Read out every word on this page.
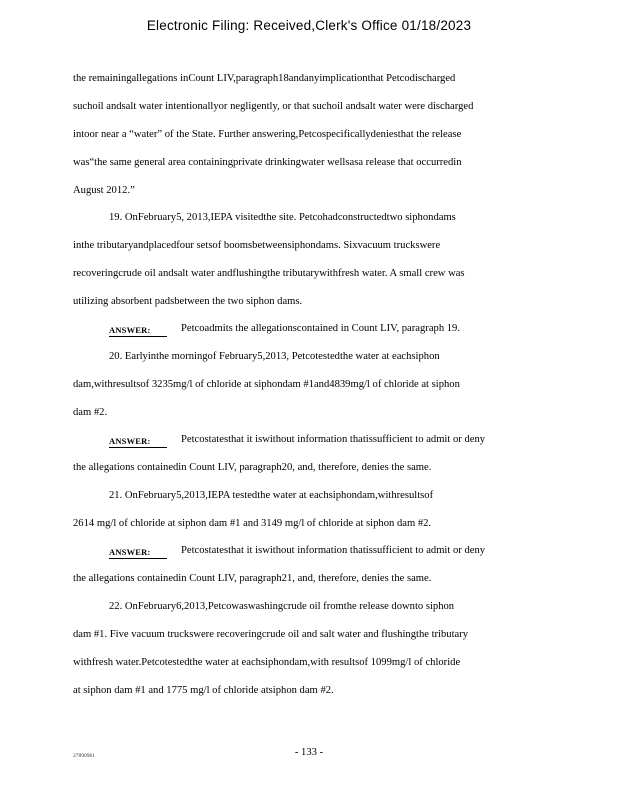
Electronic Filing: Received,Clerk's Office 01/18/2023
the remainingallegations inCount LIV,paragraph18andanyimplicationthat Petcodischarged
suchoil andsalt water intentionallyor negligently, or that suchoil andsalt water were discharged
intoor near a “water” of the State. Further answering,Petcospecificallydeniesthat the release
was“the same general area containingprivate drinkingwater wellsasa release that occurredin
August 2012.”
19. OnFebruary5, 2013,IEPA visitedthe site. Petcohadconstructedtwo siphondams
inthe tributaryandplacedfour setsof boomsbetweensiphondams. Sixvacuum truckswere
recoveringcrude oil andsalt water andflushingthe tributarywithfresh water. A small crew was
utilizing absorbent padsbetween the two siphon dams.
ANSWER:	Petcoadmits the allegationscontained in Count LIV, paragraph 19.
20. Earlyinthe morningof February5,2013, Petcotestedthe water at eachsiphon
dam,withresultsof 3235mg/l of chloride at siphondam #1and4839mg/l of chloride at siphon
dam #2.
ANSWER:	Petcostatesthat it iswithout information thatissufficient to admit or deny
the allegations containedin Count LIV, paragraph20, and, therefore, denies the same.
21. OnFebruary5,2013,IEPA testedthe water at eachsiphondam,withresultsof
2614 mg/l of chloride at siphon dam #1 and 3149 mg/l of chloride at siphon dam #2.
ANSWER:	Petcostatesthat it iswithout information thatissufficient to admit or deny
the allegations containedin Count LIV, paragraph21, and, therefore, denies the same.
22. OnFebruary6,2013,Petcowaswashingcrude oil fromthe release downto siphon
dam #1. Five vacuum truckswere recoveringcrude oil and salt water and flushingthe tributary
withfresh water.Petcotestedthe water at eachsiphondam,with resultsof 1099mg/l of chloride
at siphon dam #1 and 1775 mg/l of chloride atsiphon dam #2.
27890961	- 133 -
